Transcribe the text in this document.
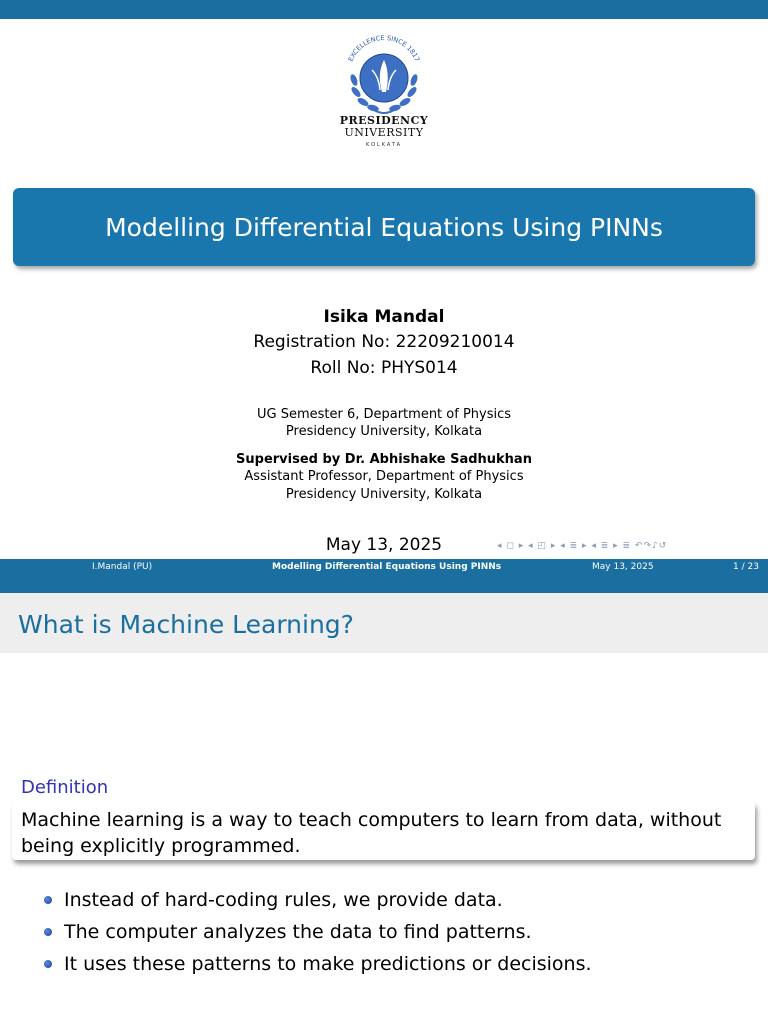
EXCELLENCE SINCE 1817
PRESIDENCY
UNIVERSITY
KOLKATA
Modelling Differential Equations Using PINNs
Isika Mandal
Registration No: 22209210014
Roll No: PHYS014
UG Semester 6, Department of Physics
Presidency University, Kolkata
Supervised by Dr. Abhishake Sadhukhan
Assistant Professor, Department of Physics
Presidency University, Kolkata
May 13, 2025	◂ ◻ ▸ ◂ ◰ ▸ ◂ ≣ ▸ ◂ ≣ ▸ ≣ ↶↷♪↺
I.Mandal (PU)	Modelling Differential Equations Using PINNs	May 13, 2025	1 / 23
What is Machine Learning?
Definition
Machine learning is a way to teach computers to learn from data, without being explicitly programmed.
Instead of hard-coding rules, we provide data.
The computer analyzes the data to find patterns.
It uses these patterns to make predictions or decisions.
